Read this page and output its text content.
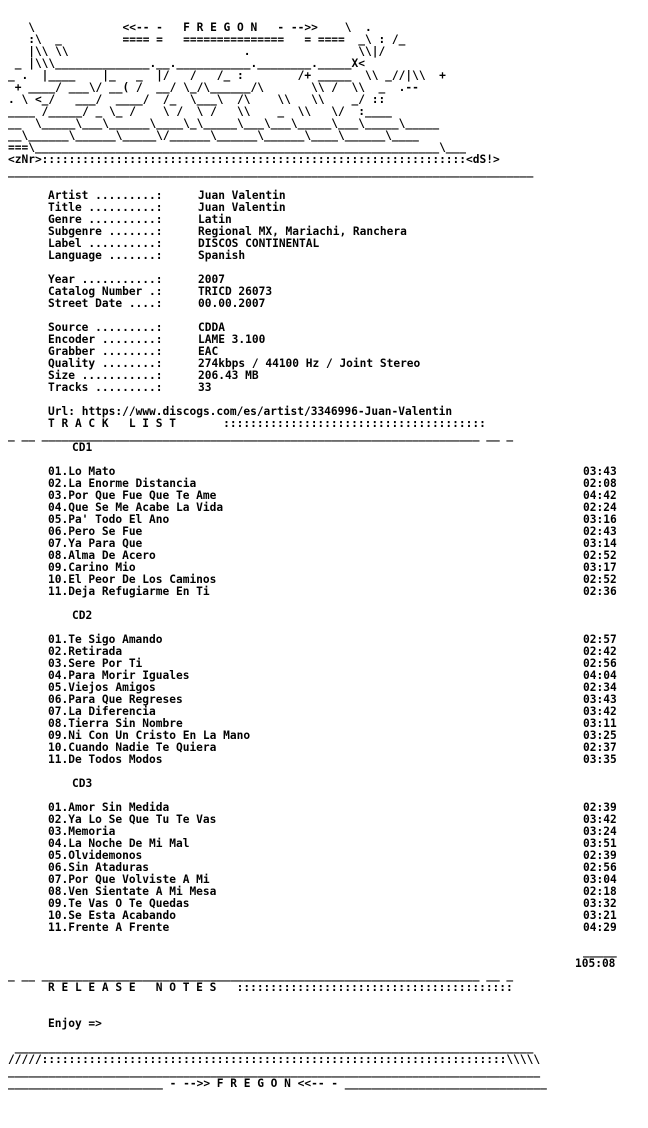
\             <<-- -   F R E G O N   - -->>    \  .
:\  _         ==== =   ===============   = ====  _\ : /_
|\\ \\                          .                \\|/
_ |\\\______________.__.___________.________._____X<
_ .  |____    |_   _  |/   /   /_ :        /+ _____  \\ _//|\\  +
+ ____/ ___\/ __( /  __/ \_/\______/\       \\ /  \\  _  .--
. \ <_/   ___/  ____/  /_  \___\  /\    \\   \\    _/ ::
____ /_____/ _ \_ /    \ /  \ /   \\    _  \\   \/  :____
__  \_____\___\______\____\_\_____\___\___\_____\___\_____\_____
__\______\______\_____\/______\______\______\____\______\____
===\____________________________________________________________\___
<zNr>:::::::::::::::::::::::::::::::::::::::::::::::::::::::::::::::<dS!>
______________________________________________________________________________
Artist .........:	Juan Valentin
Title ..........:	Juan Valentin
Genre ..........:	Latin
Subgenre .......:	Regional MX, Mariachi, Ranchera
Label ..........:	DISCOS CONTINENTAL
Language .......:	Spanish
Year ...........:	2007
Catalog Number .:	TRICD 26073
Street Date ....:	00.00.2007
Source .........:	CDDA
Encoder ........:	LAME 3.100
Grabber ........:	EAC
Quality ........:	274kbps / 44100 Hz / Joint Stereo
Size ...........:	206.43 MB
Tracks .........:	33
Url: https://www.discogs.com/es/artist/3346996-Juan-Valentin
T R A C K   L I S T	:::::::::::::::::::::::::::::::::::::::
_ __ _________________________________________________________________ __ _
CD1
01.Lo Mato	03:43
02.La Enorme Distancia	02:08
03.Por Que Fue Que Te Ame	04:42
04.Que Se Me Acabe La Vida	02:24
05.Pa' Todo El Ano	03:16
06.Pero Se Fue	02:43
07.Ya Para Que	03:14
08.Alma De Acero	02:52
09.Carino Mio	03:17
10.El Peor De Los Caminos	02:52
11.Deja Refugiarme En Ti	02:36
CD2
01.Te Sigo Amando	02:57
02.Retirada	02:42
03.Sere Por Ti	02:56
04.Para Morir Iguales	04:04
05.Viejos Amigos	02:34
06.Para Que Regreses	03:43
07.La Diferencia	03:42
08.Tierra Sin Nombre	03:11
09.Ni Con Un Cristo En La Mano	03:25
10.Cuando Nadie Te Quiera	02:37
11.De Todos Modos	03:35
CD3
01.Amor Sin Medida	02:39
02.Ya Lo Se Que Tu Te Vas	03:42
03.Memoria	03:24
04.La Noche De Mi Mal	03:51
05.Olvidemonos	02:39
06.Sin Ataduras	02:56
07.Por Que Volviste A Mi	03:04
08.Ven Sientate A Mi Mesa	02:18
09.Te Vas O Te Quedas	03:32
10.Se Esta Acabando	03:21
11.Frente A Frente	04:29
_____
105:08
_ __ _________________________________________________________________ __ _
R E L E A S E   N O T E S :::::::::::::::::::::::::::::::::::::::::
Enjoy =>
_____________________________________________________________________________
/////:::::::::::::::::::::::::::::::::::::::::::::::::::::::::::::::::::::\\\\\
_______________________________________________________________________________
_______________________ - -->> F R E G O N <<-- - ______________________________
